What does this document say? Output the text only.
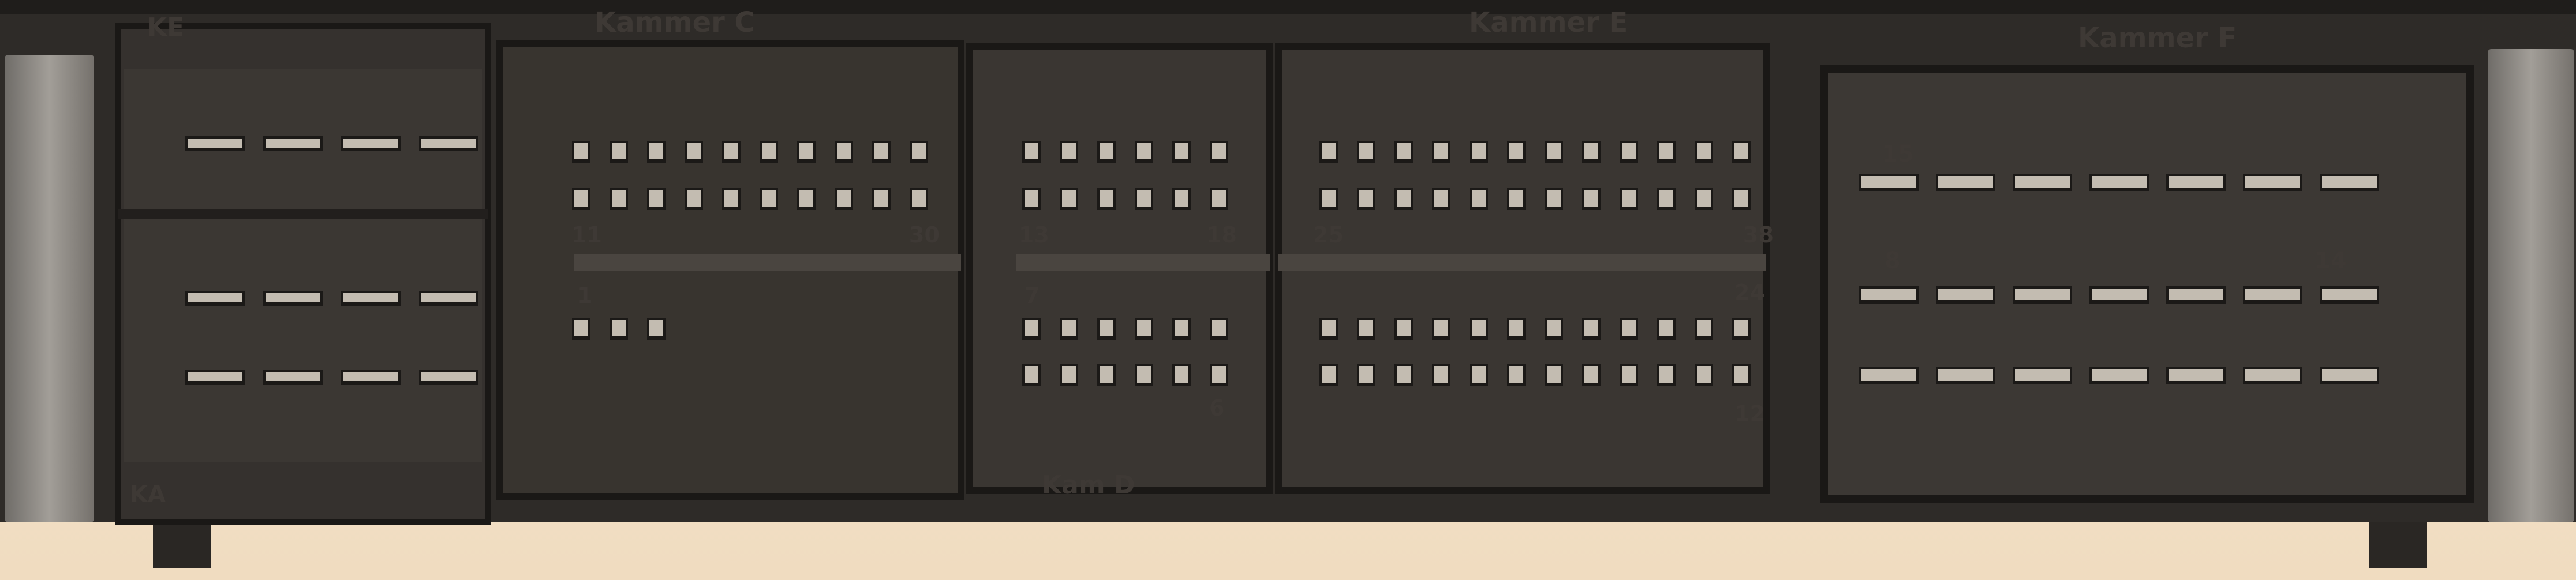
KE	Kammer C	Kammer E	Kammer F
Kam D
KA
11	30
1
13	18
7
6
25	38
24
12
15
8	14
